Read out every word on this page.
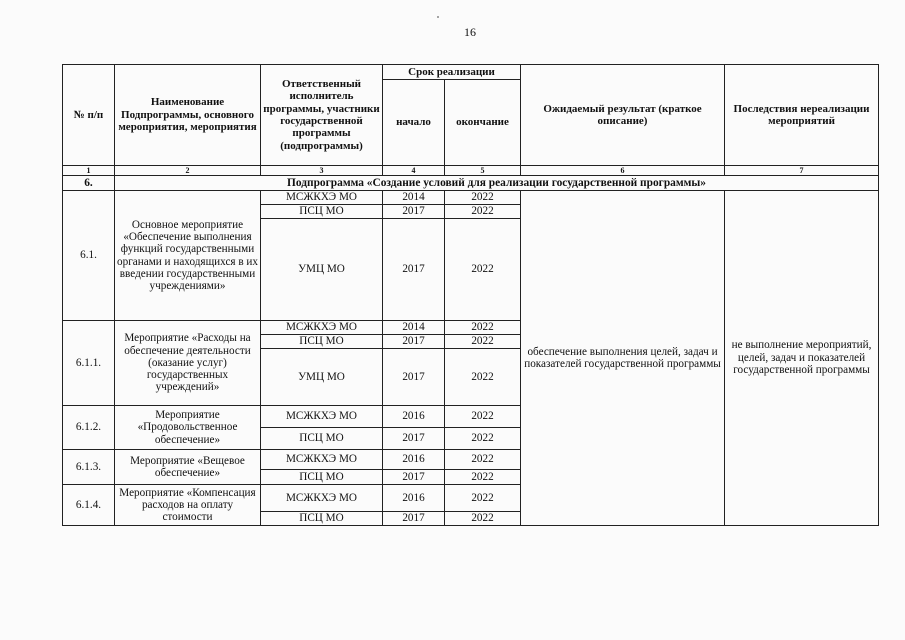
16
№ п/п	Наименование Подпрограммы, основного мероприятия, мероприятия	Ответственный исполнитель программы, участники государственной программы (подпрограммы)	Срок реализации		Ожидаемый результат (краткое описание)	Последствия нереализации мероприятий
			начало	окончание		
1	2	3	4	5	6	7
6.	Подпрограмма «Создание условий для реализации государственной программы»					
6.1.	Основное мероприятие «Обеспечение выполнения функций государственными органами и находящихся в их введении государственными учреждениями»	МСЖКХЭ МО	2014	2022	обеспечение выполнения целей, задач и показателей государственной программы	не выполнение мероприятий, целей, задач и показателей государственной программы
		ПСЦ МО	2017	2022		
		УМЦ МО	2017	2022		
6.1.1.	Мероприятие «Расходы на обеспечение деятельности (оказание услуг) государственных учреждений»	МСЖКХЭ МО	2014	2022		
		ПСЦ МО	2017	2022		
		УМЦ МО	2017	2022		
6.1.2.	Мероприятие «Продовольственное обеспечение»	МСЖКХЭ МО	2016	2022		
		ПСЦ МО	2017	2022		
6.1.3.	Мероприятие «Вещевое обеспечение»	МСЖКХЭ МО	2016	2022		
		ПСЦ МО	2017	2022		
6.1.4.	Мероприятие «Компенсация расходов на оплату стоимости	МСЖКХЭ МО	2016	2022		
		ПСЦ МО	2017	2022		
